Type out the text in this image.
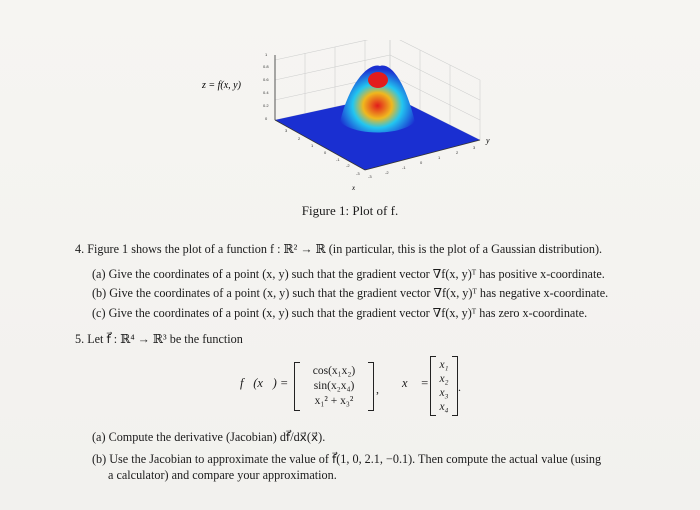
z = f(x, y)
0
0.2
0.4
0.6
0.8
1
3
2
1
0
-1
-2
-3
-3
-2
-1
0
1
2
3
y
x
Figure 1: Plot of f.
4. Figure 1 shows the plot of a function f : ℝ² → ℝ (in particular, this is the plot of a Gaussian distribution).
(a) Give the coordinates of a point (x, y) such that the gradient vector ∇f(x, y)ᵀ has positive x-coordinate.
(b) Give the coordinates of a point (x, y) such that the gradient vector ∇f(x, y)ᵀ has negative x-coordinate.
(c) Give the coordinates of a point (x, y) such that the gradient vector ∇f(x, y)ᵀ has zero x-coordinate.
5. Let f⃗ : ℝ⁴ → ℝ³ be the function
f⃗(x⃗) =
cos(x₁x₂)
sin(x₂x₄)
x₁² + x₃²
, x⃗ =
x₁
x₂
x₃
x₄
.
(a) Compute the derivative (Jacobian) df⃗/dx⃗(x⃗).
(b) Use the Jacobian to approximate the value of f⃗(1, 0, 2.1, −0.1). Then compute the actual value (using
a calculator) and compare your approximation.
